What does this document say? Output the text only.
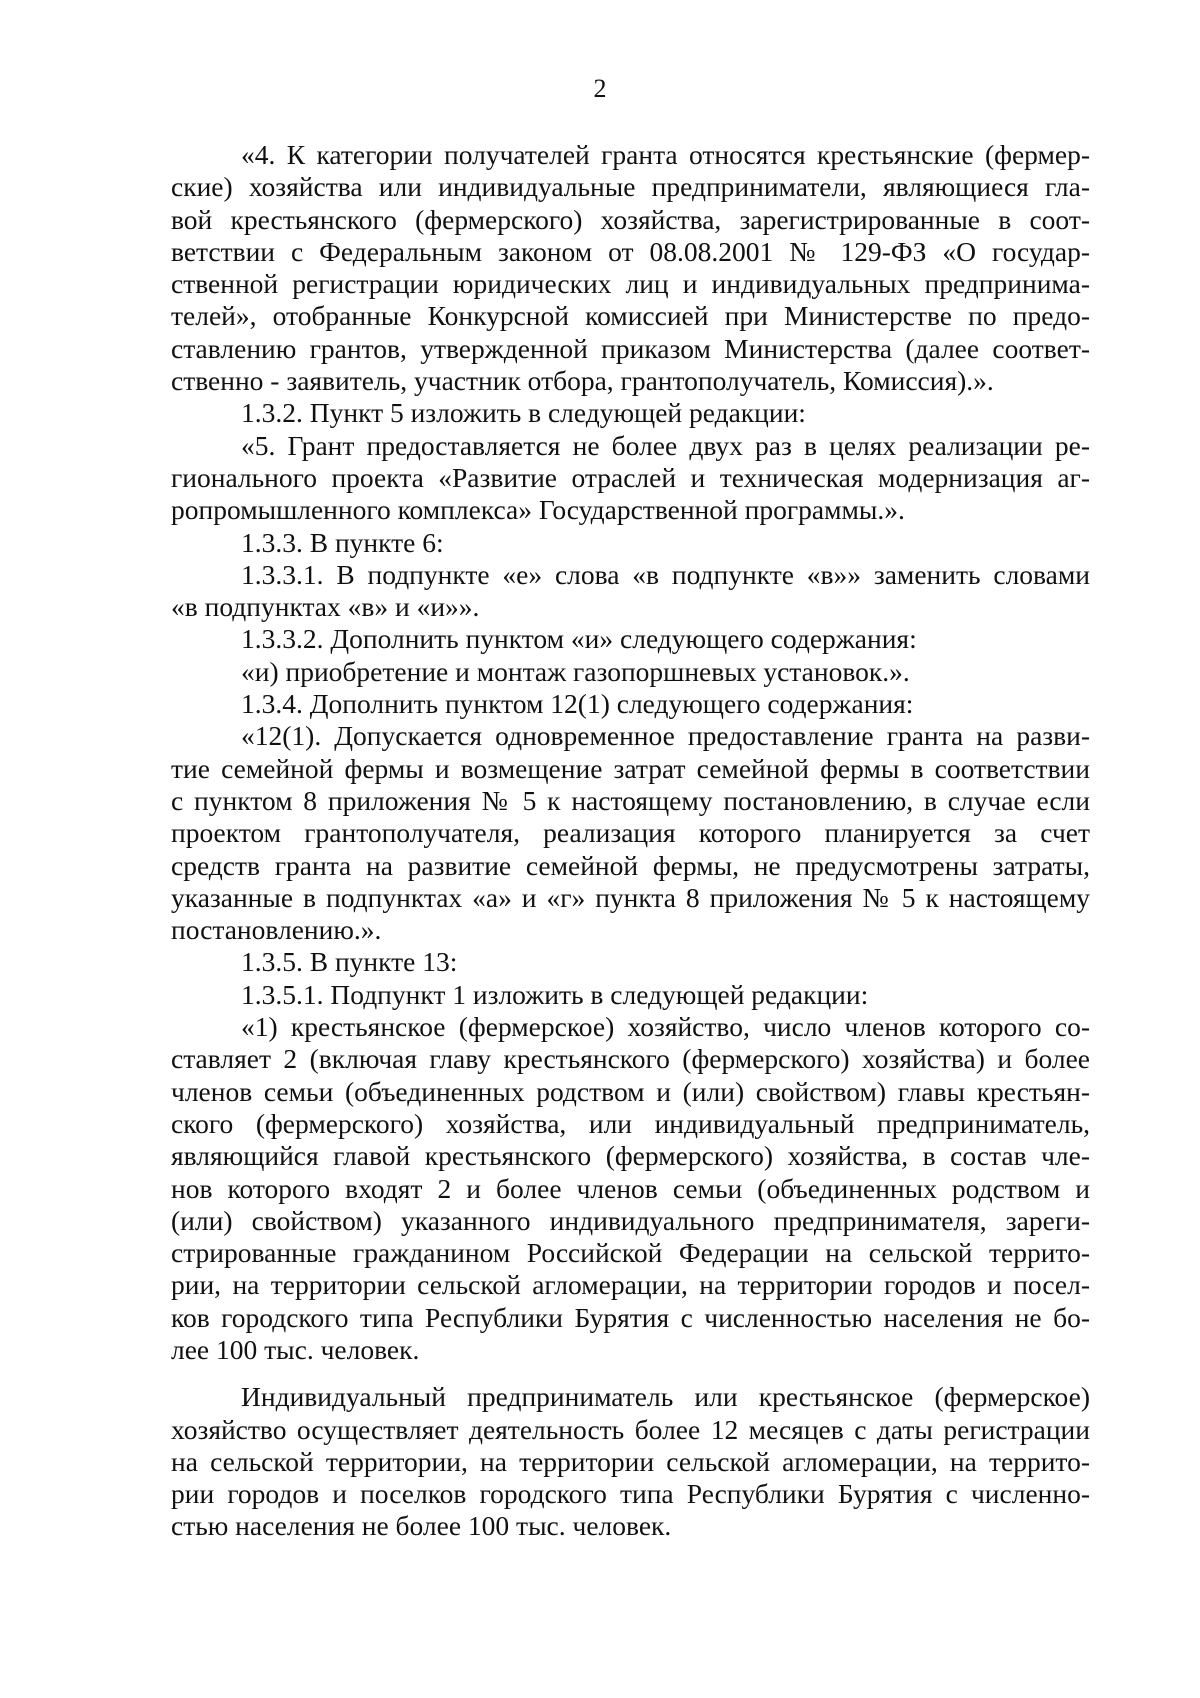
2
«4. К категории получателей гранта относятся крестьянские (фермер-
ские) хозяйства или индивидуальные предприниматели, являющиеся гла-
вой крестьянского (фермерского) хозяйства, зарегистрированные в соот-
ветствии с Федеральным законом от 08.08.2001 № 129-ФЗ «О государ-
ственной регистрации юридических лиц и индивидуальных предпринима-
телей», отобранные Конкурсной комиссией при Министерстве по предо-
ставлению грантов, утвержденной приказом Министерства (далее соответ-
ственно - заявитель, участник отбора, грантополучатель, Комиссия).».
1.3.2. Пункт 5 изложить в следующей редакции:
«5. Грант предоставляется не более двух раз в целях реализации ре-
гионального проекта «Развитие отраслей и техническая модернизация аг-
ропромышленного комплекса» Государственной программы.».
1.3.3. В пункте 6:
1.3.3.1. В подпункте «е» слова «в подпункте «в»» заменить словами
«в подпунктах «в» и «и»».
1.3.3.2. Дополнить пунктом «и» следующего содержания:
«и) приобретение и монтаж газопоршневых установок.».
1.3.4. Дополнить пунктом 12(1) следующего содержания:
«12(1). Допускается одновременное предоставление гранта на разви-
тие семейной фермы и возмещение затрат семейной фермы в соответствии
с пунктом 8 приложения № 5 к настоящему постановлению, в случае если
проектом грантополучателя, реализация которого планируется за счет
средств гранта на развитие семейной фермы, не предусмотрены затраты,
указанные в подпунктах «а» и «г» пункта 8 приложения № 5 к настоящему
постановлению.».
1.3.5. В пункте 13:
1.3.5.1. Подпункт 1 изложить в следующей редакции:
«1) крестьянское (фермерское) хозяйство, число членов которого со-
ставляет 2 (включая главу крестьянского (фермерского) хозяйства) и более
членов семьи (объединенных родством и (или) свойством) главы крестьян-
ского (фермерского) хозяйства, или индивидуальный предприниматель,
являющийся главой крестьянского (фермерского) хозяйства, в состав чле-
нов которого входят 2 и более членов семьи (объединенных родством и
(или) свойством) указанного индивидуального предпринимателя, зареги-
стрированные гражданином Российской Федерации на сельской террито-
рии, на территории сельской агломерации, на территории городов и посел-
ков городского типа Республики Бурятия с численностью населения не бо-
лее 100 тыс. человек.
Индивидуальный предприниматель или крестьянское (фермерское)
хозяйство осуществляет деятельность более 12 месяцев с даты регистрации
на сельской территории, на территории сельской агломерации, на террито-
рии городов и поселков городского типа Республики Бурятия с численно-
стью населения не более 100 тыс. человек.
